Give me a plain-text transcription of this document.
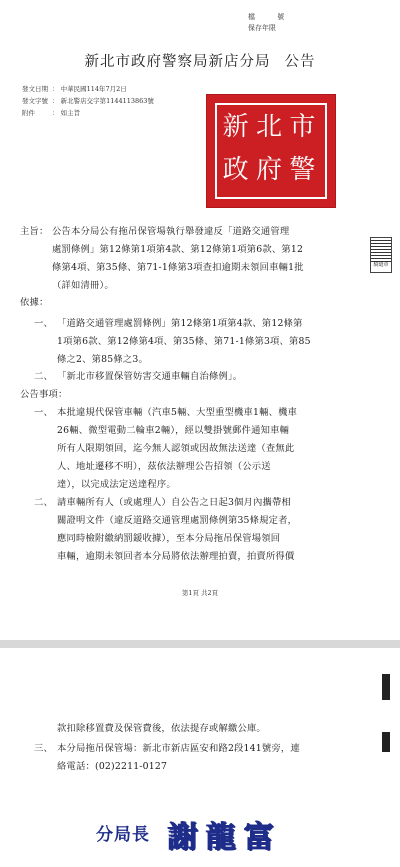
檔 號
保存年限
新北市政府警察局新店分局 公告
發文日期 ： 中華民國114年7月2日
發文字號 ： 新北警店交字第1144113863號
附件	： 如主旨	新 北 市
政 府 警
騎縫章
主旨： 公告本分局公有拖吊保管場執行舉發違反「道路交通管理
處罰條例」第12條第1項第4款、第12條第1項第6款、第12
條第4項、第35條、第71-1條第3項查扣逾期未領回車輛1批
（詳如清冊）。
依據：
一、 「道路交通管理處罰條例」第12條第1項第4款、第12條第
1項第6款、第12條第4項、第35條、第71-1條第3項、第85
條之2、第85條之3。
二、 「新北市移置保管妨害交通車輛自治條例」。
公告事項：
一、 本批違規代保管車輛（汽車5輛、大型重型機車1輛、機車
26輛、微型電動二輪車2輛），經以雙掛號郵件通知車輛
所有人限期領回，迄今無人認領或因故無法送達（查無此
人、地址遷移不明），茲依法辦理公告招領（公示送
達），以完成法定送達程序。
二、 請車輛所有人（或處理人）自公告之日起3個月內攜帶相
關證明文件（違反道路交通管理處罰條例第35條規定者，
應同時檢附繳納罰鍰收據），至本分局拖吊保管場領回
車輛，逾期未領回者本分局將依法辦理拍賣，拍賣所得價
第1頁 共2頁
款扣除移置費及保管費後，依法提存或解繳公庫。
三、 本分局拖吊保管場：新北市新店區安和路2段141號旁，連
絡電話：(02)2211-0127
分局長 謝龍富
